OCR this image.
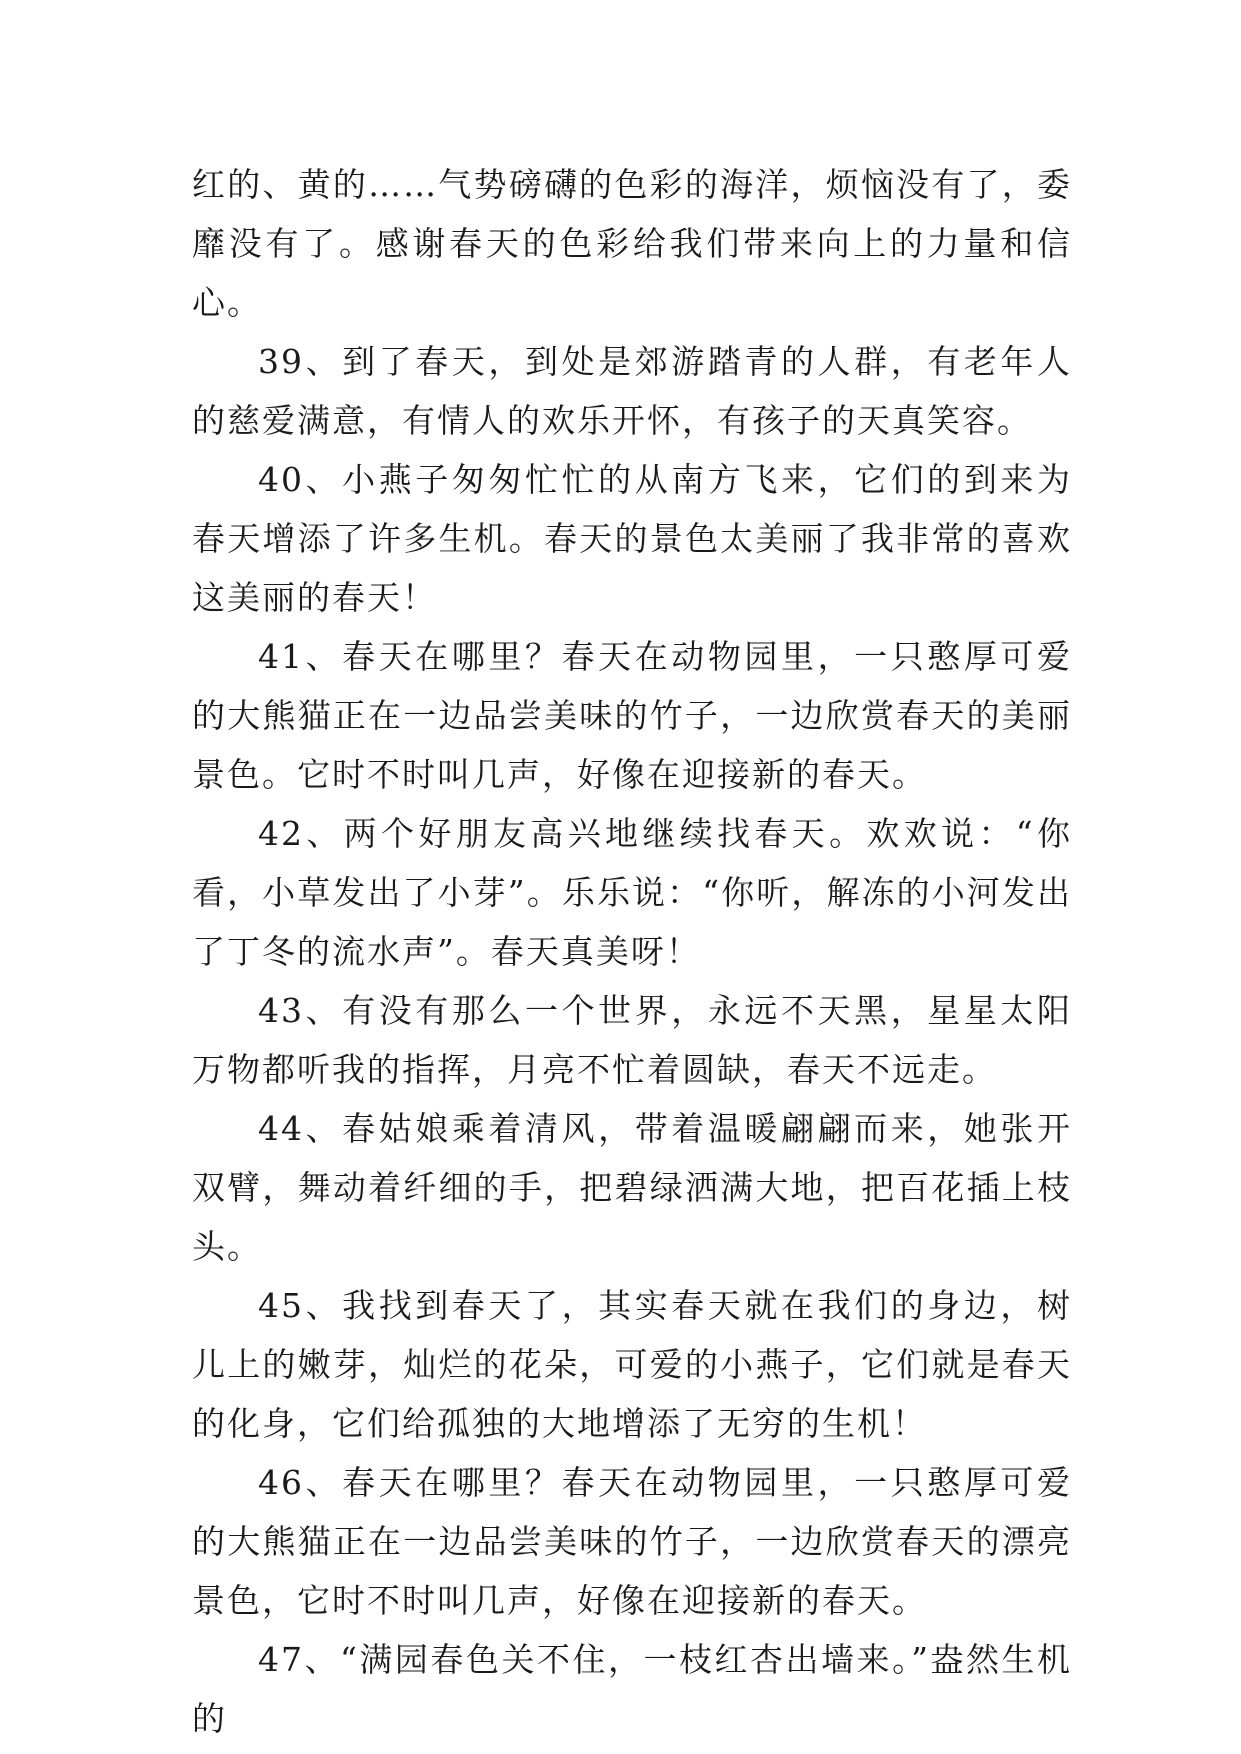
红的、黄的……气势磅礴的色彩的海洋，烦恼没有了，委靡没有了。感谢春天的色彩给我们带来向上的力量和信心。

39、到了春天，到处是郊游踏青的人群，有老年人的慈爱满意，有情人的欢乐开怀，有孩子的天真笑容。

40、小燕子匆匆忙忙的从南方飞来，它们的到来为春天增添了许多生机。春天的景色太美丽了我非常的喜欢这美丽的春天！

41、春天在哪里？春天在动物园里，一只憨厚可爱的大熊猫正在一边品尝美味的竹子，一边欣赏春天的美丽景色。它时不时叫几声，好像在迎接新的春天。

42、两个好朋友高兴地继续找春天。欢欢说：“你看，小草发出了小芽”。乐乐说：“你听，解冻的小河发出了丁冬的流水声”。春天真美呀！

43、有没有那么一个世界，永远不天黑，星星太阳万物都听我的指挥，月亮不忙着圆缺，春天不远走。

44、春姑娘乘着清风，带着温暖翩翩而来，她张开双臂，舞动着纤细的手，把碧绿洒满大地，把百花插上枝头。

45、我找到春天了，其实春天就在我们的身边，树儿上的嫩芽，灿烂的花朵，可爱的小燕子，它们就是春天的化身，它们给孤独的大地增添了无穷的生机！

46、春天在哪里？春天在动物园里，一只憨厚可爱的大熊猫正在一边品尝美味的竹子，一边欣赏春天的漂亮景色，它时不时叫几声，好像在迎接新的春天。

47、“满园春色关不住，一枝红杏出墙来。”盎然生机的
